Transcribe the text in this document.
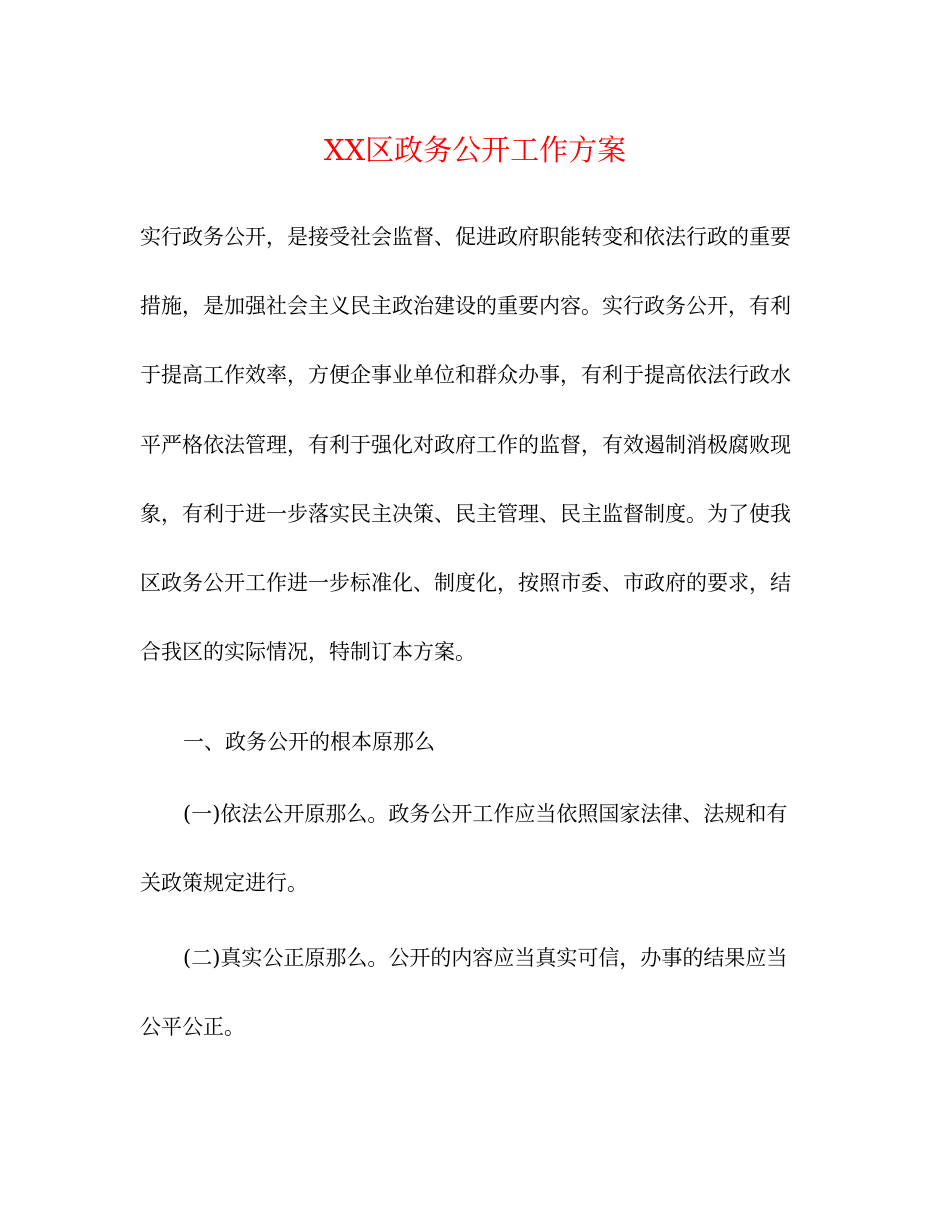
XX区政务公开工作方案

实行政务公开，是接受社会监督、促进政府职能转变和依法行政的重要

措施，是加强社会主义民主政治建设的重要内容。实行政务公开，有利

于提高工作效率，方便企事业单位和群众办事，有利于提高依法行政水

平严格依法管理，有利于强化对政府工作的监督，有效遏制消极腐败现

象，有利于进一步落实民主决策、民主管理、民主监督制度。为了使我

区政务公开工作进一步标准化、制度化，按照市委、市政府的要求，结

合我区的实际情况，特制订本方案。

一、政务公开的根本原那么

(一)依法公开原那么。政务公开工作应当依照国家法律、法规和有

关政策规定进行。

(二)真实公正原那么。公开的内容应当真实可信，办事的结果应当

公平公正。
